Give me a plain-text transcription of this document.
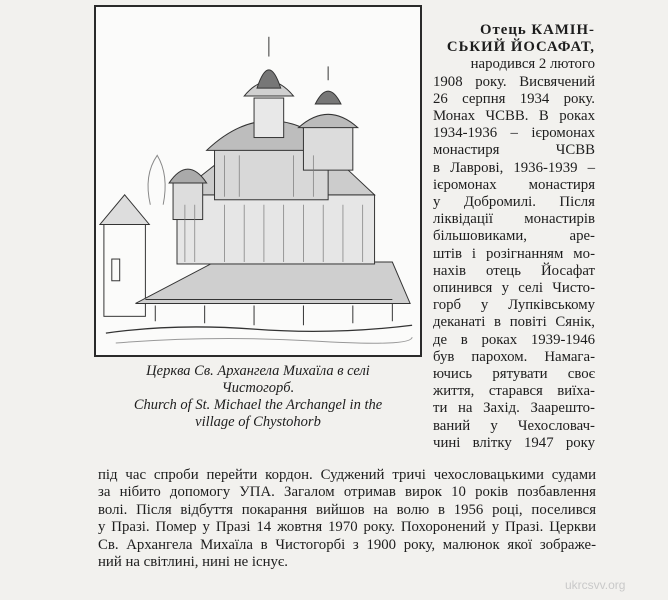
Церква Св. Архангела Михаїла в селі
Чистогорб.
Church of St. Michael the Archangel in the
village of Chystohorb
Отець КАМІН-
СЬКИЙ ЙОСАФАТ,
народився 2 лютого
1908 року. Висвячений
26 серпня 1934 року.
Монах ЧСВВ. В роках
1934-1936 – ієромонах
монастиря ЧСВВ
в Лаврові, 1936-1939 –
ієромонах монастиря
у Добромилі. Після
ліквідації монастирів
більшовиками, аре-
штів і розігнанням мо-
нахів отець Йосафат
опинився у селі Чисто-
горб у Лупківському
деканаті в повіті Сянік,
де в роках 1939-1946
був парохом. Намага-
ючись рятувати своє
життя, старався виїха-
ти на Захід. Заарешто-
ваний у Чехословач-
чині влітку 1947 року
під час спроби перейти кордон. Суджений тричі чехословацькими судами
за нібито допомогу УПА. Загалом отримав вирок 10 років позбавлення
волі. Після відбуття покарання вийшов на волю в 1956 році, поселився
у Празі. Помер у Празі 14 жовтня 1970 року. Похоронений у Празі. Церкви
Св. Архангела Михаїла в Чистогорбі з 1900 року, малюнок якої зображе-
ний на світлині, нині не існує.
ukrcsvv.org
